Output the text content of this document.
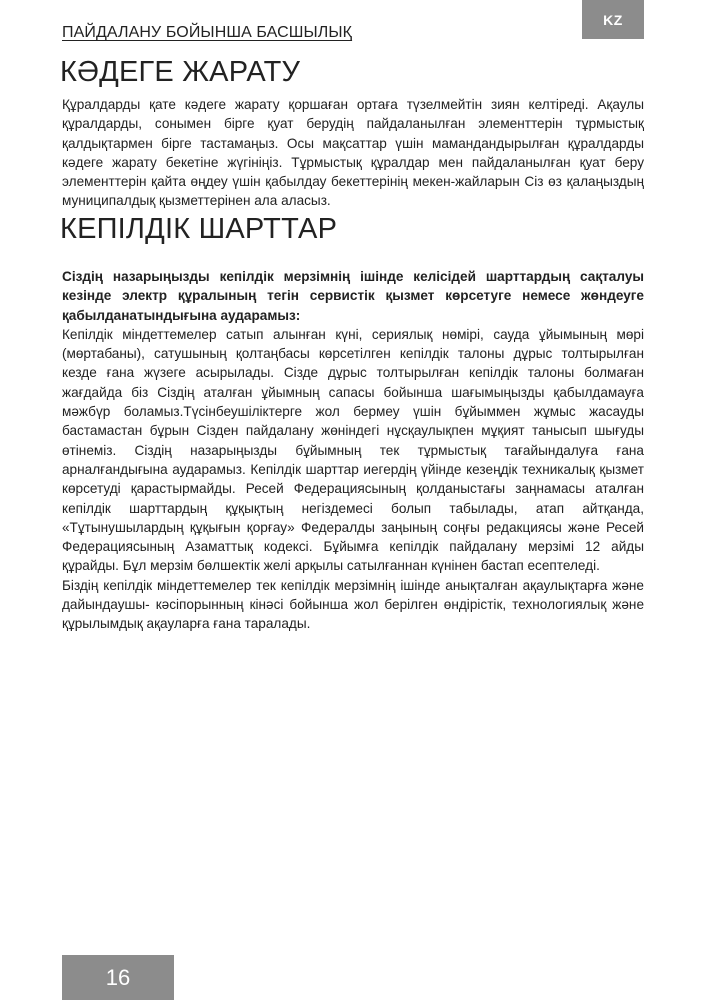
KZ
ПАЙДАЛАНУ БОЙЫНША БАСШЫЛЫҚ
КӘДЕГЕ ЖАРАТУ

Құралдарды қате кәдеге жарату қоршаған ортаға түзелмейтін зиян келтіреді. Ақаулы құралдарды, сонымен бірге қуат берудің пайдаланылған элементтерін тұрмыстық қалдықтармен бірге тастамаңыз. Осы мақсаттар үшін мамандандырылған құралдарды кәдеге жарату бекетіне жүгініңіз. Тұрмыстық құралдар мен пайдаланылған қуат беру элементтерін қайта өңдеу үшін қабылдау бекеттерінің мекен-жайларын Сіз өз қалаңыздың муниципалдық қызметтерінен ала аласыз.

КЕПІЛДІК ШАРТТАР

Сіздің назарыңызды кепілдік мерзімнің ішінде келісідей шарттардың сақталуы кезінде электр құралының тегін сервистік қызмет көрсетуге немесе жөндеуге қабылданатындығына аударамыз:

Кепілдік міндеттемелер сатып алынған күні, сериялық нөмірі, сауда ұйымының мөрі (мөртабаны), сатушының қолтаңбасы көрсетілген кепілдік талоны дұрыс толтырылған кезде ғана жүзеге асырылады. Сізде дұрыс толтырылған кепілдік талоны болмаған жағдайда біз Сіздің аталған ұйымның сапасы бойынша шағымыңызды қабылдамауға мәжбүр боламыз.Түсінбеушіліктерге жол бермеу үшін бұйыммен жұмыс жасауды бастамастан бұрын Сізден пайдалану жөніндегі нұсқаулықпен мұқият танысып шығуды өтінеміз. Сіздің назарыңызды бұйымның тек тұрмыстық тағайындалуға ғана арналғандығына аударамыз. Кепілдік шарттар иегердің үйінде кезеңдік техникалық қызмет көрсетуді қарастырмайды. Ресей Федерациясының қолданыстағы заңнамасы аталған кепілдік шарттардың құқықтың негіздемесі болып табылады, атап айтқанда, «Тұтынушылардың құқығын қорғау» Федералды заңының соңғы редакциясы және Ресей Федерациясының Азаматтық кодексі. Бұйымға кепілдік пайдалану мерзімі 12 айды құрайды. Бұл мерзім бөлшектік желі арқылы сатылғаннан күнінен бастап есептеледі.

Біздің кепілдік міндеттемелер тек кепілдік мерзімнің ішінде анықталған ақаулықтарға және дайындаушы- кәсіпорынның кінәсі бойынша жол берілген өндірістік, технологиялық және құрылымдық ақауларға ғана таралады.

16
